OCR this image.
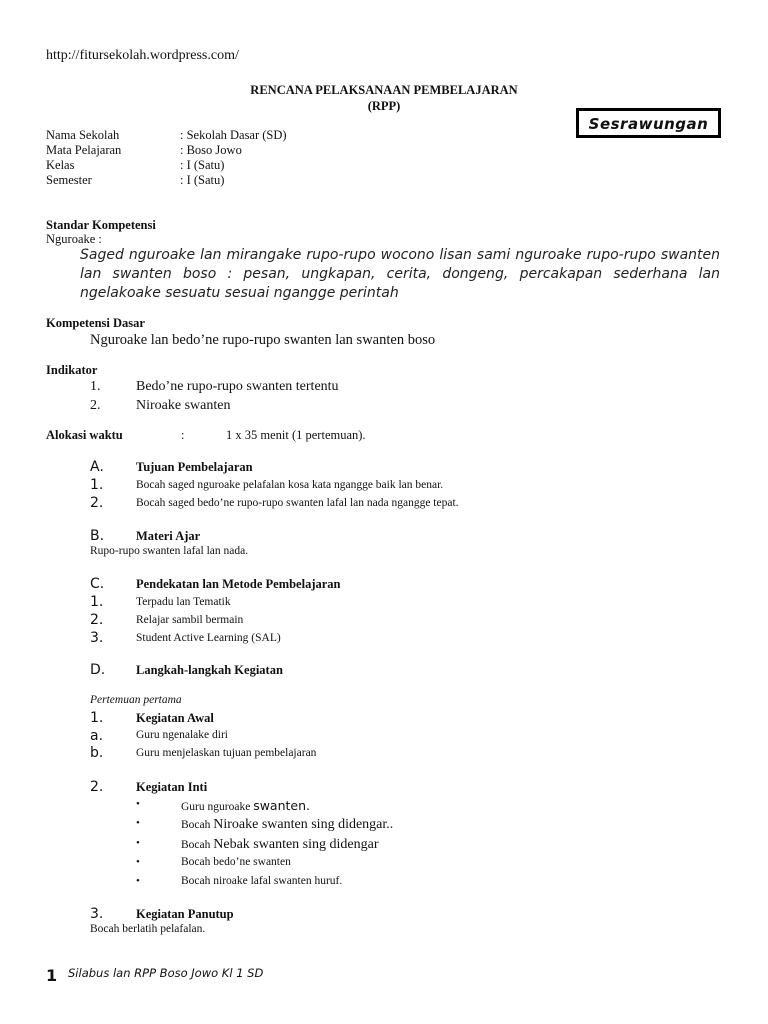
http://fitursekolah.wordpress.com/
RENCANA PELAKSANAAN PEMBELAJARAN
(RPP)
Sesrawungan
Nama Sekolah	: Sekolah Dasar (SD)
Mata Pelajaran	: Boso Jowo
Kelas	: I (Satu)
Semester	: I (Satu)
Standar Kompetensi
Nguroake :
Saged nguroake lan mirangake rupo-rupo wocono lisan sami nguroake rupo-rupo swanten lan swanten boso : pesan, ungkapan, cerita, dongeng, percakapan sederhana lan ngelakoake sesuatu sesuai ngangge perintah
Kompetensi Dasar
Nguroake lan bedo’ne rupo-rupo swanten lan swanten boso
Indikator
1.	Bedo’ne rupo-rupo swanten tertentu
2.	Niroake swanten
Alokasi waktu	:	1 x 35 menit (1 pertemuan).
A.	Tujuan Pembelajaran
1.	Bocah saged nguroake pelafalan kosa kata ngangge baik lan benar.
2.	Bocah saged bedo’ne rupo-rupo swanten lafal lan nada ngangge tepat.
B.	Materi Ajar
Rupo-rupo swanten lafal lan nada.
C.	Pendekatan lan Metode Pembelajaran
1.	Terpadu lan Tematik
2.	Relajar sambil bermain
3.	Student Active Learning (SAL)
D. Langkah-langkah Kegiatan
Pertemuan pertama
1.	Kegiatan Awal
a.	Guru ngenalake diri
b.	Guru menjelaskan tujuan pembelajaran
2.	Kegiatan Inti
•	Guru nguroake swanten.
•	Bocah Niroake swanten sing didengar..
•	Bocah Nebak swanten sing didengar
•	Bocah bedo’ne swanten
•	Bocah niroake lafal swanten huruf.
3.	Kegiatan Panutup
Bocah berlatih pelafalan.
1 Silabus lan RPP Boso Jowo Kl 1 SD
